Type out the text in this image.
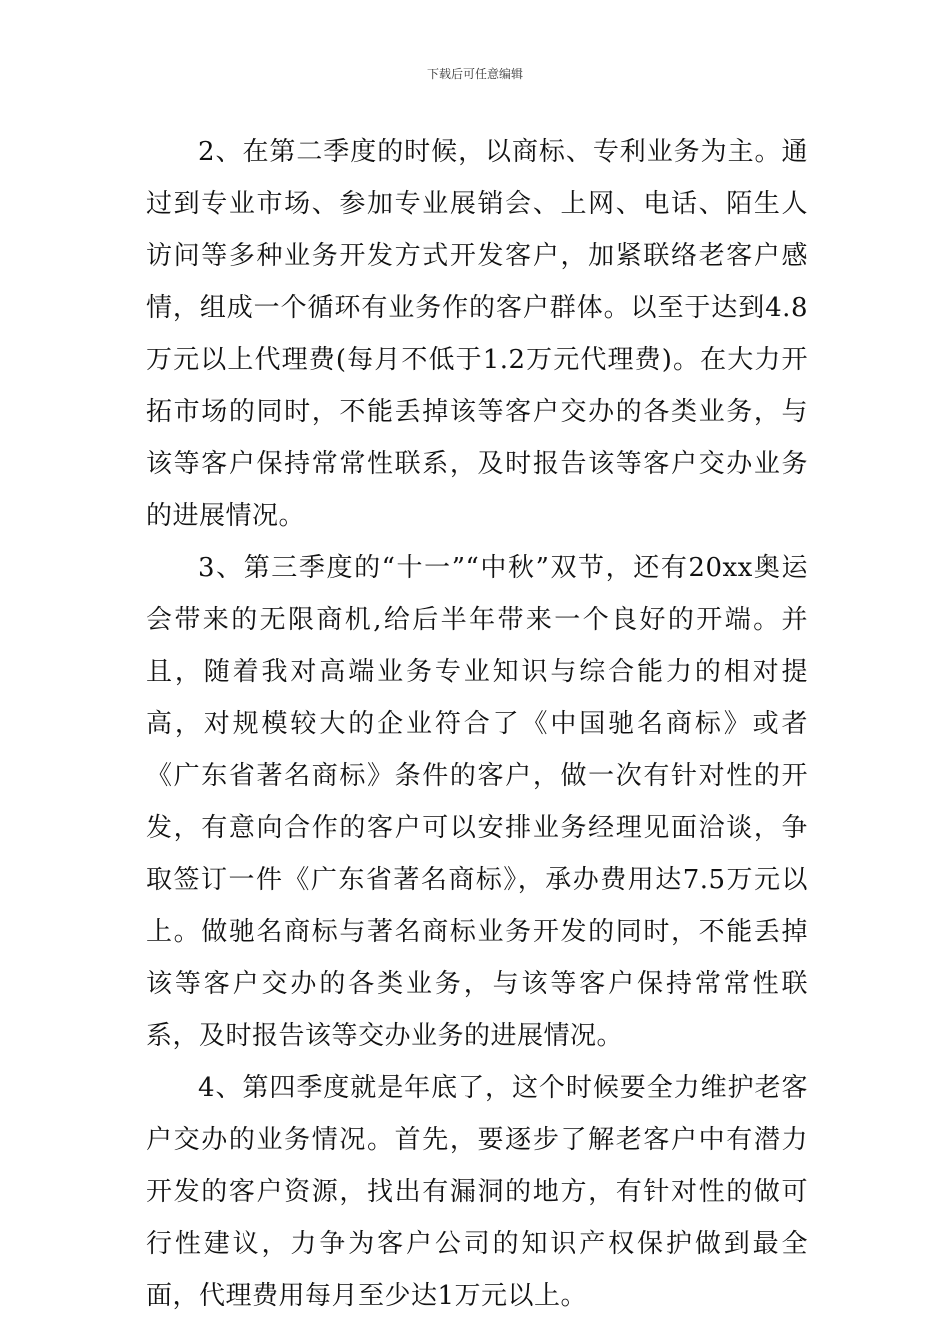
下载后可任意编辑

2、在第二季度的时候，以商标、专利业务为主。通过到专业市场、参加专业展销会、上网、电话、陌生人访问等多种业务开发方式开发客户，加紧联络老客户感情，组成一个循环有业务作的客户群体。以至于达到4.8万元以上代理费(每月不低于1.2万元代理费)。在大力开拓市场的同时，不能丢掉该等客户交办的各类业务，与该等客户保持常常性联系，及时报告该等客户交办业务的进展情况。

3、第三季度的“十一”“中秋”双节，还有20xx奥运会带来的无限商机,给后半年带来一个良好的开端。并且，随着我对高端业务专业知识与综合能力的相对提高，对规模较大的企业符合了《中国驰名商标》或者《广东省著名商标》条件的客户，做一次有针对性的开发，有意向合作的客户可以安排业务经理见面洽谈，争取签订一件《广东省著名商标》，承办费用达7.5万元以上。做驰名商标与著名商标业务开发的同时，不能丢掉该等客户交办的各类业务，与该等客户保持常常性联系，及时报告该等交办业务的进展情况。

4、第四季度就是年底了，这个时候要全力维护老客户交办的业务情况。首先，要逐步了解老客户中有潜力开发的客户资源，找出有漏洞的地方，有针对性的做可行性建议，力争为客户公司的知识产权保护做到最全面，代理费用每月至少达1万元以上。
